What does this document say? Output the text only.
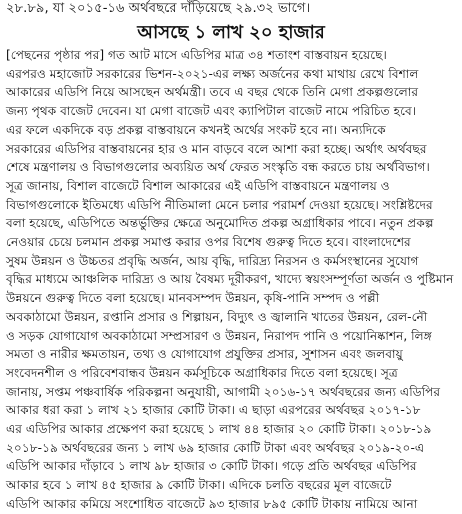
২৮.৮৯, যা ২০১৫-১৬ অর্থবছরে দাঁড়িয়েছে ২৯.৩২ ভাগে।
আসছে ১ লাখ ২০ হাজার
[পেছনের পৃষ্ঠার পর] গত আট মাসে এডিপির মাত্র ৩৪ শতাংশ বাস্তবায়ন হয়েছে।
এরপরও মহাজোট সরকারের ভিশন-২০২১-এর লক্ষ্য অর্জনের কথা মাথায় রেখে বিশাল
আকারের এডিপি নিয়ে আসছেন অর্থমন্ত্রী। তবে এ বছর থেকে তিনি মেগা প্রকল্পগুলোর
জন্য পৃথক বাজেট দেবেন। যা মেগা বাজেট এবং ক্যাপিটাল বাজেট নামে পরিচিত হবে।
এর ফলে একদিকে বড় প্রকল্প বাস্তবায়নে কখনই অর্থের সংকট হবে না। অন্যদিকে
সরকারের এডিপির বাস্তবায়নের হার ও মান বাড়বে বলে আশা করা হচ্ছে। অর্থাৎ অর্থবছর
শেষে মন্ত্রণালয় ও বিভাগগুলোর অব্যয়িত অর্থ ফেরত সংস্কৃতি বন্ধ করতে চায় অর্থবিভাগ।
সূত্র জানায়, বিশাল বাজেটে বিশাল আকারের এই এডিপি বাস্তবায়নে মন্ত্রণালয় ও
বিভাগগুলোকে ইতিমধ্যে এডিপি নীতিমালা মেনে চলার পরামর্শ দেওয়া হয়েছে। সংশ্লিষ্টদের
বলা হয়েছে, এডিপিতে অন্তর্ভুক্তির ক্ষেত্রে অনুমোদিত প্রকল্প অগ্রাধিকার পাবে। নতুন প্রকল্প
নেওয়ার চেয়ে চলমান প্রকল্প সমাপ্ত করার ওপর বিশেষ গুরুত্ব দিতে হবে। বাংলাদেশের
সুষম উন্নয়ন ও উচ্চতর প্রবৃদ্ধি অর্জন, আয় বৃদ্ধি, দারিদ্র্য নিরসন ও কর্মসংস্থানের সুযোগ
বৃদ্ধির মাধ্যমে আঞ্চলিক দারিদ্র্য ও আয় বৈষম্য দূরীকরণ, খাদ্যে স্বয়ংসম্পূর্ণতা অর্জন ও পুষ্টিমান
উন্নয়নে গুরুত্ব দিতে বলা হয়েছে। মানবসম্পদ উন্নয়ন, কৃষি-পানি সম্পদ ও পল্লী
অবকাঠামো উন্নয়ন, রপ্তানি প্রসার ও শিল্পায়ন, বিদ্যুৎ ও জ্বালানি খাতের উন্নয়ন, রেল-নৌ
ও সড়ক যোগাযোগ অবকাঠামো সম্প্রসারণ ও উন্নয়ন, নিরাপদ পানি ও পয়োনিষ্কাশন, লিঙ্গ
সমতা ও নারীর ক্ষমতায়ন, তথ্য ও যোগাযোগ প্রযুক্তির প্রসার, সুশাসন এবং জলবায়ু
সংবেদনশীল ও পরিবেশবান্ধব উন্নয়ন কর্মসূচিকে অগ্রাধিকার দিতে বলা হয়েছে। সূত্র
জানায়, সপ্তম পঞ্চবার্ষিক পরিকল্পনা অনুযায়ী, আগামী ২০১৬-১৭ অর্থবছরের জন্য এডিপির
আকার ধরা করা ১ লাখ ২১ হাজার কোটি টাকা। এ ছাড়া এরপরের অর্থবছর ২০১৭-১৮
এর এডিপির আকার প্রক্ষেপণ করা হয়েছে ১ লাখ ৪৪ হাজার ২০ কোটি টাকা। ২০১৮-১৯
২০১৮-১৯ অর্থবছরের জন্য ১ লাখ ৬৯ হাজার কোটি টাকা এবং অর্থবছর ২০১৯-২০-এ
এডিপি আকার দাঁড়াবে ১ লাখ ৯৮ হাজার ৩ কোটি টাকা। গড়ে প্রতি অর্থবছর এডিপির
আকার হবে ১ লাখ ৪৫ হাজার ৯ কোটি টাকা। এদিকে চলতি বছরের মূল বাজেটে
এডিপি আকার কমিয়ে সংশোধিত বাজেটে ৯৩ হাজার ৮৯৫ কোটি টাকায় নামিয়ে আনা
